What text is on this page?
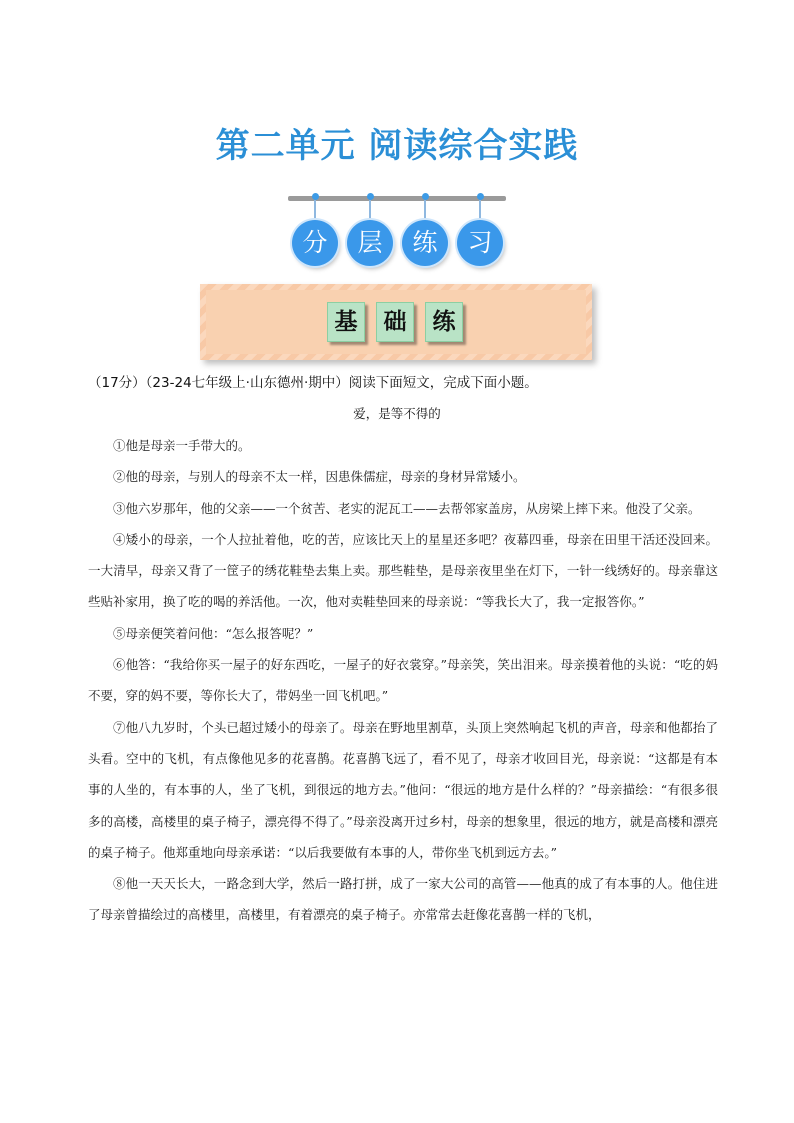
第二单元 阅读综合实践
分	层	练	习
基	础	练
（17分）（23-24七年级上·山东德州·期中）阅读下面短文，完成下面小题。
爱，是等不得的

①他是母亲一手带大的。

②他的母亲，与别人的母亲不太一样，因患侏儒症，母亲的身材异常矮小。

③他六岁那年，他的父亲——一个贫苦、老实的泥瓦工——去帮邻家盖房，从房梁上摔下来。他没了父亲。

④矮小的母亲，一个人拉扯着他，吃的苦，应该比天上的星星还多吧？夜幕四垂，母亲在田里干活还没回来。一大清早，母亲又背了一筐子的绣花鞋垫去集上卖。那些鞋垫，是母亲夜里坐在灯下，一针一线绣好的。母亲靠这些贴补家用，换了吃的喝的养活他。一次，他对卖鞋垫回来的母亲说：“等我长大了，我一定报答你。”

⑤母亲便笑着问他：“怎么报答呢？”

⑥他答：“我给你买一屋子的好东西吃，一屋子的好衣裳穿。”母亲笑，笑出泪来。母亲摸着他的头说：“吃的妈不要，穿的妈不要，等你长大了，带妈坐一回飞机吧。”

⑦他八九岁时，个头已超过矮小的母亲了。母亲在野地里割草，头顶上突然响起飞机的声音，母亲和他都抬了头看。空中的飞机，有点像他见多的花喜鹊。花喜鹊飞远了，看不见了，母亲才收回目光，母亲说：“这都是有本事的人坐的，有本事的人，坐了飞机，到很远的地方去。”他问：“很远的地方是什么样的？”母亲描绘：“有很多很多的高楼，高楼里的桌子椅子，漂亮得不得了。”母亲没离开过乡村，母亲的想象里，很远的地方，就是高楼和漂亮的桌子椅子。他郑重地向母亲承诺：“以后我要做有本事的人，带你坐飞机到远方去。”

⑧他一天天长大，一路念到大学，然后一路打拼，成了一家大公司的高管——他真的成了有本事的人。他住进了母亲曾描绘过的高楼里，高楼里，有着漂亮的桌子椅子。亦常常去赶像花喜鹊一样的飞机，
